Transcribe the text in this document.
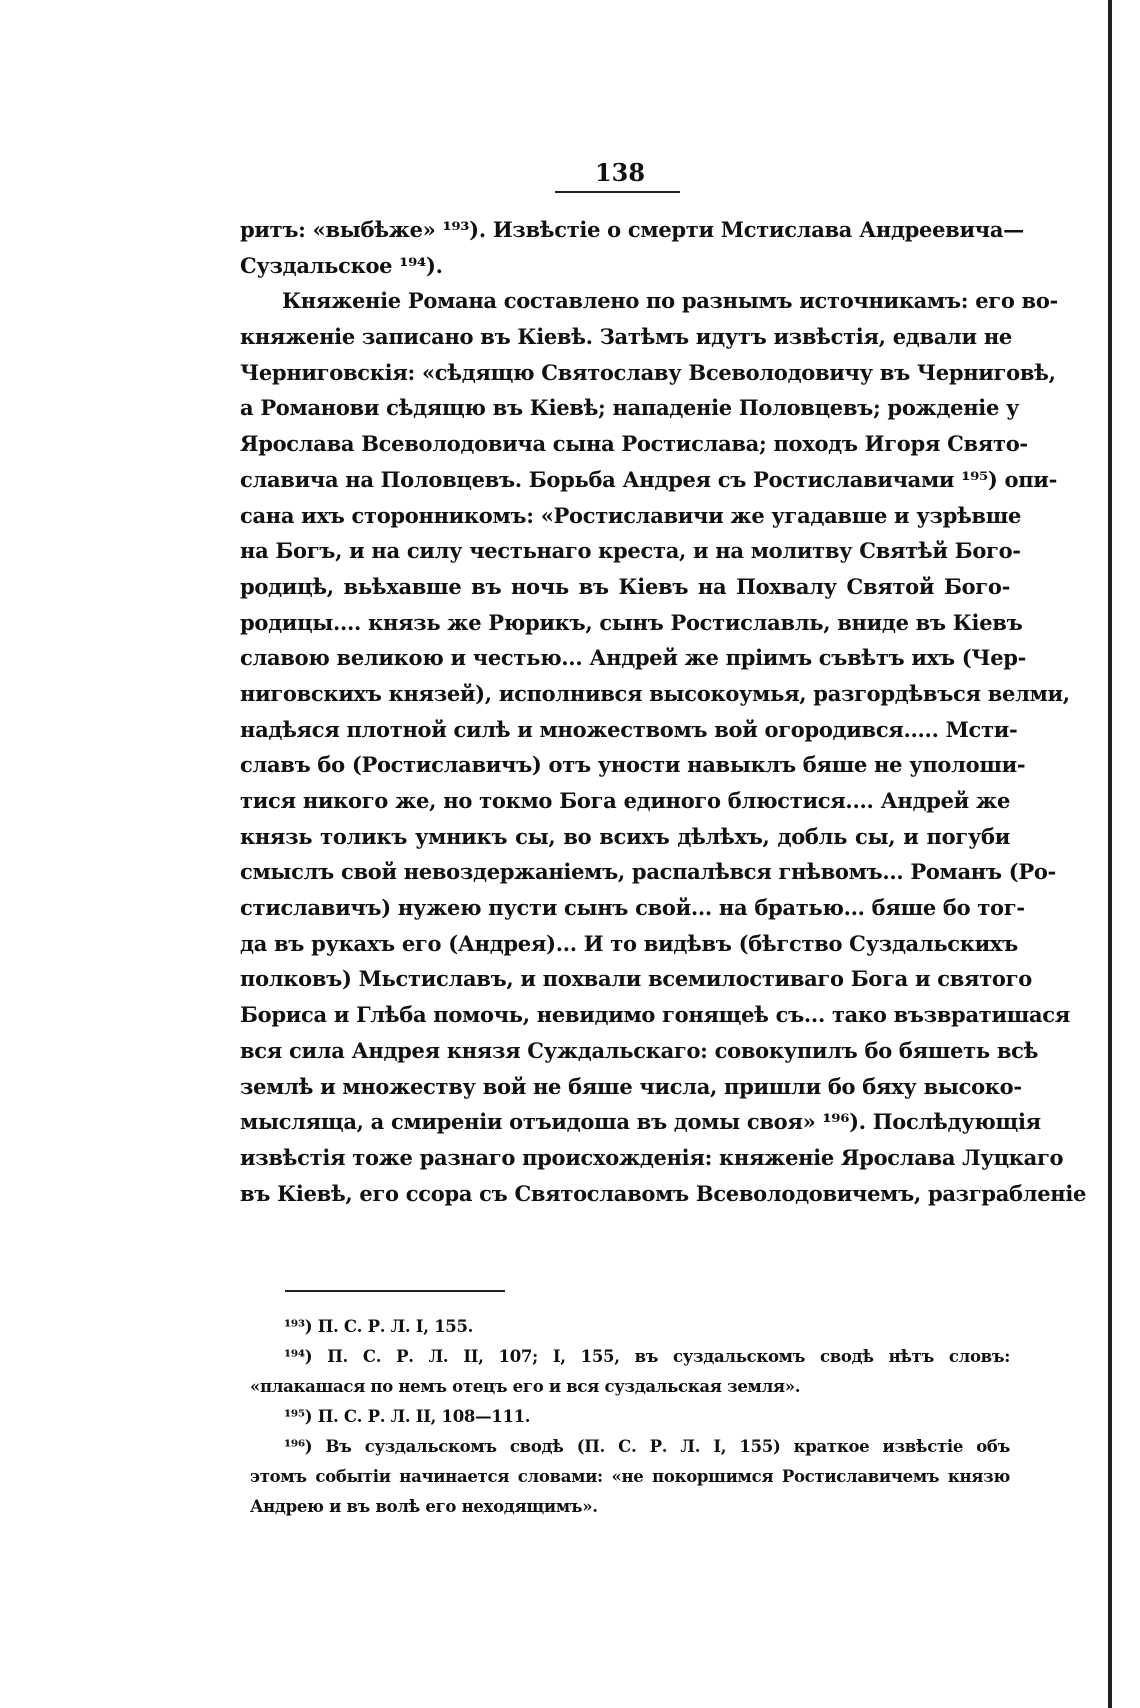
138
ритъ: «выбѣже» ¹⁹³). Извѣстіе о смерти Мстислава Андреевича—
Суздальское ¹⁹⁴).
Княженіе Романа составлено по разнымъ источникамъ: его во-
княженіе записано въ Кіевѣ. Затѣмъ идутъ извѣстія, едвали не
Черниговскія: «сѣдящю Святославу Всеволодовичу въ Черниговѣ,
а Романови сѣдящю въ Кіевѣ; нападеніе Половцевъ; рожденіе у
Ярослава Всеволодовича сына Ростислава; походъ Игоря Свято-
славича на Половцевъ. Борьба Андрея съ Ростиславичами ¹⁹⁵) опи-
сана ихъ сторонникомъ: «Ростиславичи же угадавше и узрѣвше
на Богъ, и на силу честьнаго креста, и на молитву Святѣй Бого-
родицѣ, вьѣхавше въ ночь въ Кіевъ на Похвалу Святой Бого-
родицы.... князь же Рюрикъ, сынъ Ростиславль, вниде въ Кіевъ
славою великою и честью... Андрей же пріимъ съвѣтъ ихъ (Чер-
ниговскихъ князей), исполнився высокоумья, разгордѣвъся велми,
надѣяся плотной силѣ и множествомъ вой огородився..... Мсти-
славъ бо (Ростиславичъ) отъ уности навыклъ бяше не уполоши-
тися никого же, но токмо Бога единого блюстися.... Андрей же
князь толикъ умникъ сы, во всихъ дѣлѣхъ, добль сы, и погуби
смыслъ свой невоздержаніемъ, распалѣвся гнѣвомъ... Романъ (Ро-
стиславичъ) нужею пусти сынъ свой... на братью... бяше бо тог-
да въ рукахъ его (Андрея)... И то видѣвъ (бѣгство Суздальскихъ
полковъ) Мьстиславъ, и похвали всемилостиваго Бога и святого
Бориса и Глѣба помочь, невидимо гонящеѣ съ... тако възвратишася
вся сила Андрея князя Суждальскаго: совокупилъ бо бяшеть всѣ
землѣ и множеству вой не бяше числа, пришли бо бяху высоко-
мысляща, а смиреніи отъидоша въ домы своя» ¹⁹⁶). Послѣдующія
извѣстія тоже разнаго происхожденія: княженіе Ярослава Луцкаго
въ Кіевѣ, его ссора съ Святославомъ Всеволодовичемъ, разграбленіе
¹⁹³) П. С. Р. Л. I, 155.
¹⁹⁴) П. С. Р. Л. II, 107; I, 155, въ суздальскомъ сводѣ нѣтъ словъ:
«плакашася по немъ отецъ его и вся суздальская земля».
¹⁹⁵) П. С. Р. Л. II, 108—111.
¹⁹⁶) Въ суздальскомъ сводѣ (П. С. Р. Л. I, 155) краткое извѣстіе объ
этомъ событіи начинается словами: «не покоршимся Ростиславичемъ князю
Андрею и въ волѣ его неходящимъ».
